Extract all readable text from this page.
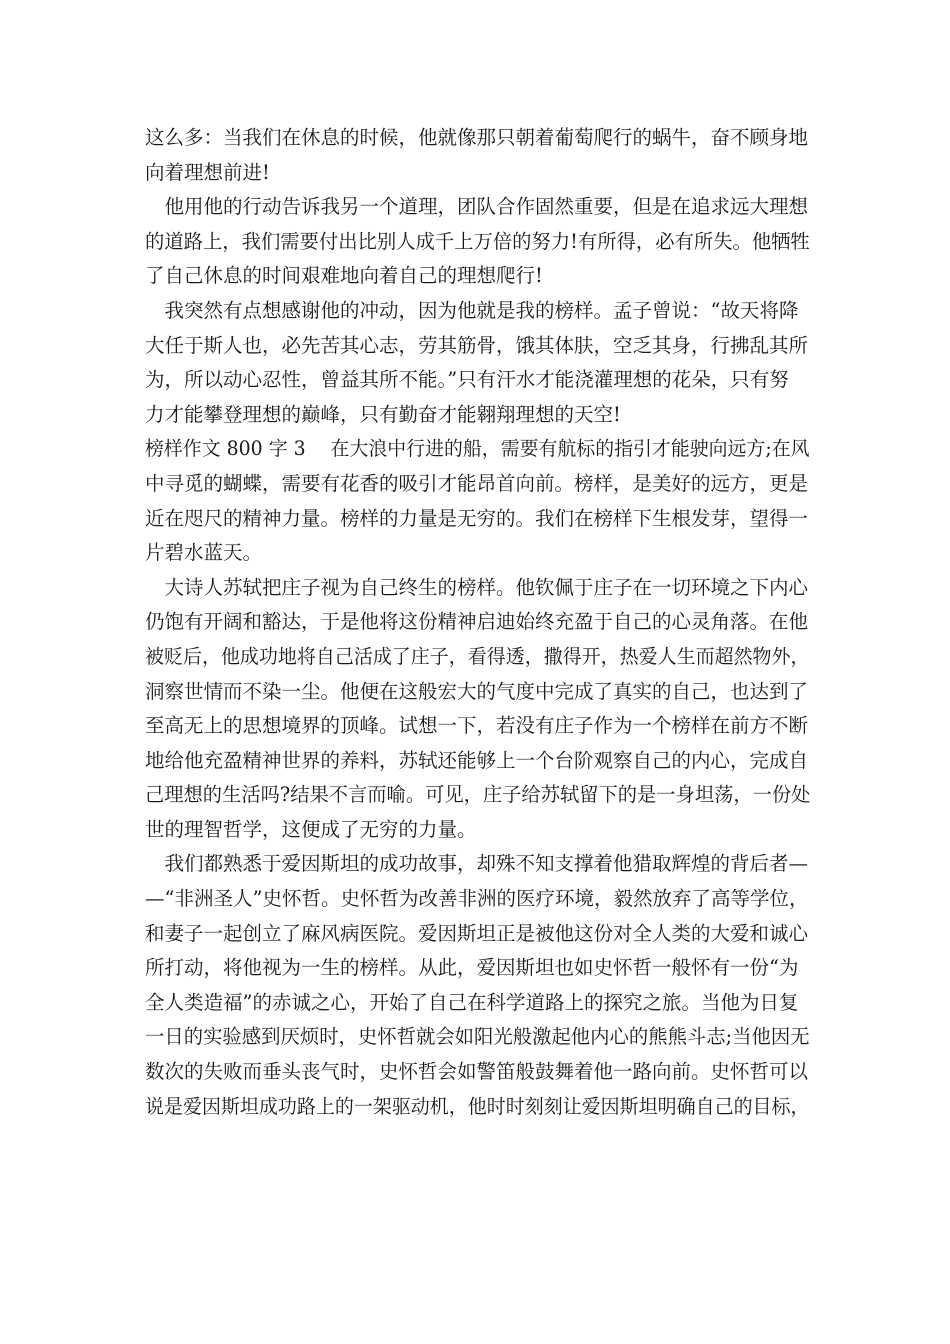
这么多：当我们在休息的时候，他就像那只朝着葡萄爬行的蜗牛，奋不顾身地
向着理想前进!
　他用他的行动告诉我另一个道理，团队合作固然重要，但是在追求远大理想
的道路上，我们需要付出比别人成千上万倍的努力!有所得，必有所失。他牺牲
了自己休息的时间艰难地向着自己的理想爬行!
　我突然有点想感谢他的冲动，因为他就是我的榜样。孟子曾说：“故天将降
大任于斯人也，必先苦其心志，劳其筋骨，饿其体肤，空乏其身，行拂乱其所
为，所以动心忍性，曾益其所不能。”只有汗水才能浇灌理想的花朵，只有努
力才能攀登理想的巅峰，只有勤奋才能翱翔理想的天空!
榜样作文 800 字 3　 在大浪中行进的船，需要有航标的指引才能驶向远方;在风
中寻觅的蝴蝶，需要有花香的吸引才能昂首向前。榜样，是美好的远方，更是
近在咫尺的精神力量。榜样的力量是无穷的。我们在榜样下生根发芽，望得一
片碧水蓝天。
　大诗人苏轼把庄子视为自己终生的榜样。他钦佩于庄子在一切环境之下内心
仍饱有开阔和豁达，于是他将这份精神启迪始终充盈于自己的心灵角落。在他
被贬后，他成功地将自己活成了庄子，看得透，撒得开，热爱人生而超然物外，
洞察世情而不染一尘。他便在这般宏大的气度中完成了真实的自己，也达到了
至高无上的思想境界的顶峰。试想一下，若没有庄子作为一个榜样在前方不断
地给他充盈精神世界的养料，苏轼还能够上一个台阶观察自己的内心，完成自
己理想的生活吗?结果不言而喻。可见，庄子给苏轼留下的是一身坦荡，一份处
世的理智哲学，这便成了无穷的力量。
　我们都熟悉于爱因斯坦的成功故事，却殊不知支撑着他猎取辉煌的背后者—
—“非洲圣人”史怀哲。史怀哲为改善非洲的医疗环境，毅然放弃了高等学位，
和妻子一起创立了麻风病医院。爱因斯坦正是被他这份对全人类的大爱和诚心
所打动，将他视为一生的榜样。从此，爱因斯坦也如史怀哲一般怀有一份“为
全人类造福”的赤诚之心，开始了自己在科学道路上的探究之旅。当他为日复
一日的实验感到厌烦时，史怀哲就会如阳光般激起他内心的熊熊斗志;当他因无
数次的失败而垂头丧气时，史怀哲会如警笛般鼓舞着他一路向前。史怀哲可以
说是爱因斯坦成功路上的一架驱动机，他时时刻刻让爱因斯坦明确自己的目标，
